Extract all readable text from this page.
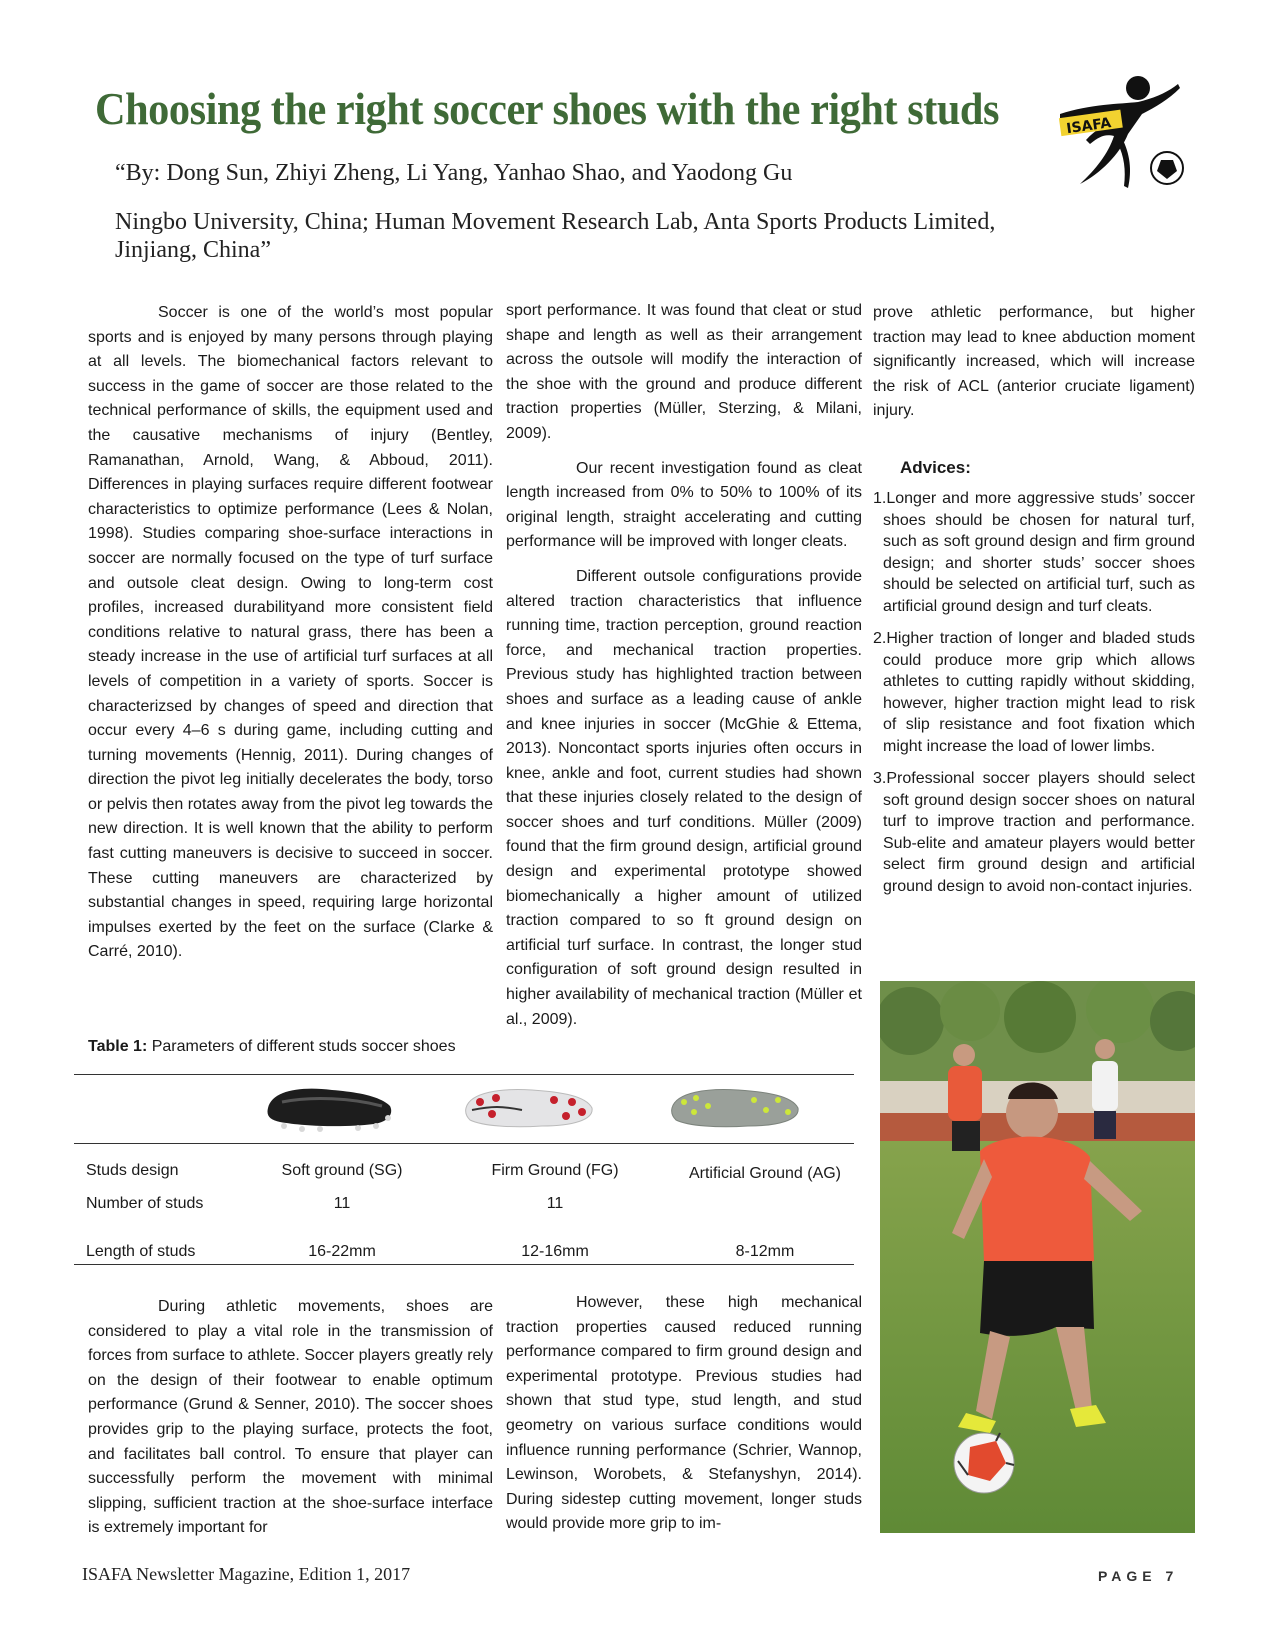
Choosing the right soccer shoes with the right studs

“By: Dong Sun, Zhiyi Zheng, Li Yang, Yanhao Shao, and Yaodong Gu

Ningbo University, China; Human Movement Research Lab, Anta Sports Products Limited, Jinjiang, China”

ISAFA

Soccer is one of the world’s most popular sports and is enjoyed by many persons through playing at all levels. The biomechanical factors relevant to success in the game of soccer are those related to the technical performance of skills, the equipment used and the causative mechanisms of injury (Bentley, Ramanathan, Arnold, Wang, & Abboud, 2011). Differences in playing surfaces require different footwear characteristics to optimize performance (Lees & Nolan, 1998). Studies comparing shoe-surface interactions in soccer are normally focused on the type of turf surface and outsole cleat design. Owing to long-term cost profiles, increased durabilityand more consistent field conditions relative to natural grass, there has been a steady increase in the use of artificial turf surfaces at all levels of competition in a variety of sports. Soccer is characterizsed by changes of speed and direction that occur every 4–6 s during game, including cutting and turning movements (Hennig, 2011). During changes of direction the pivot leg initially decelerates the body, torso or pelvis then rotates away from the pivot leg towards the new direction. It is well known that the ability to perform fast cutting maneuvers is decisive to succeed in soccer. These cutting maneuvers are characterized by substantial changes in speed, requiring large horizontal impulses exerted by the feet on the surface (Clarke & Carré, 2010).

sport performance. It was found that cleat or stud shape and length as well as their arrangement across the outsole will modify the interaction of the shoe with the ground and produce different traction properties (Müller, Sterzing, & Milani, 2009).

Our recent investigation found as cleat length increased from 0% to 50% to 100% of its original length, straight accelerating and cutting performance will be improved with longer cleats.

Different outsole configurations provide altered traction characteristics that influence running time, traction perception, ground reaction force, and mechanical traction properties. Previous study has highlighted traction between shoes and surface as a leading cause of ankle and knee injuries in soccer (McGhie & Ettema, 2013). Noncontact sports injuries often occurs in knee, ankle and foot, current studies had shown that these injuries closely related to the design of soccer shoes and turf conditions. Müller (2009) found that the firm ground design, artificial ground design and experimental prototype showed biomechanically a higher amount of utilized traction compared to so ft ground design on artificial turf surface. In contrast, the longer stud configuration of soft ground design resulted in higher availability of mechanical traction (Müller et al., 2009).

prove athletic performance, but higher traction may lead to knee abduction moment significantly increased, which will increase the risk of ACL (anterior cruciate ligament) injury.

Advices:
1.Longer and more aggressive studs’ soccer shoes should be chosen for natural turf, such as soft ground design and firm ground design; and shorter studs’ soccer shoes should be selected on artificial turf, such as artificial ground design and turf cleats.
2.Higher traction of longer and bladed studs could produce more grip which allows athletes to cutting rapidly without skidding, however, higher traction might lead to risk of slip resistance and foot fixation which might increase the load of lower limbs.
3.Professional soccer players should select soft ground design soccer shoes on natural turf to improve traction and performance. Sub-elite and amateur players would better select firm ground design and artificial ground design to avoid non-contact injuries.

Table 1: Parameters of different studs soccer shoes

Studs design
Number of studs
Length of studs
Soft ground (SG)
11
16-22mm
Firm Ground (FG)
11
12-16mm
Artificial Ground (AG)
8-12mm

During athletic movements, shoes are considered to play a vital role in the transmission of forces from surface to athlete. Soccer players greatly rely on the design of their footwear to enable optimum performance (Grund & Senner, 2010). The soccer shoes provides grip to the playing surface, protects the foot, and facilitates ball control. To ensure that player can successfully perform the movement with minimal slipping, sufficient traction at the shoe-surface interface is extremely important for

However, these high mechanical traction properties caused reduced running performance compared to firm ground design and experimental prototype. Previous studies had shown that stud type, stud length, and stud geometry on various surface conditions would influence running performance (Schrier, Wannop, Lewinson, Worobets, & Stefanyshyn, 2014). During sidestep cutting movement, longer studs would provide more grip to im-

ISAFA Newsletter Magazine, Edition 1, 2017	PAGE 7
